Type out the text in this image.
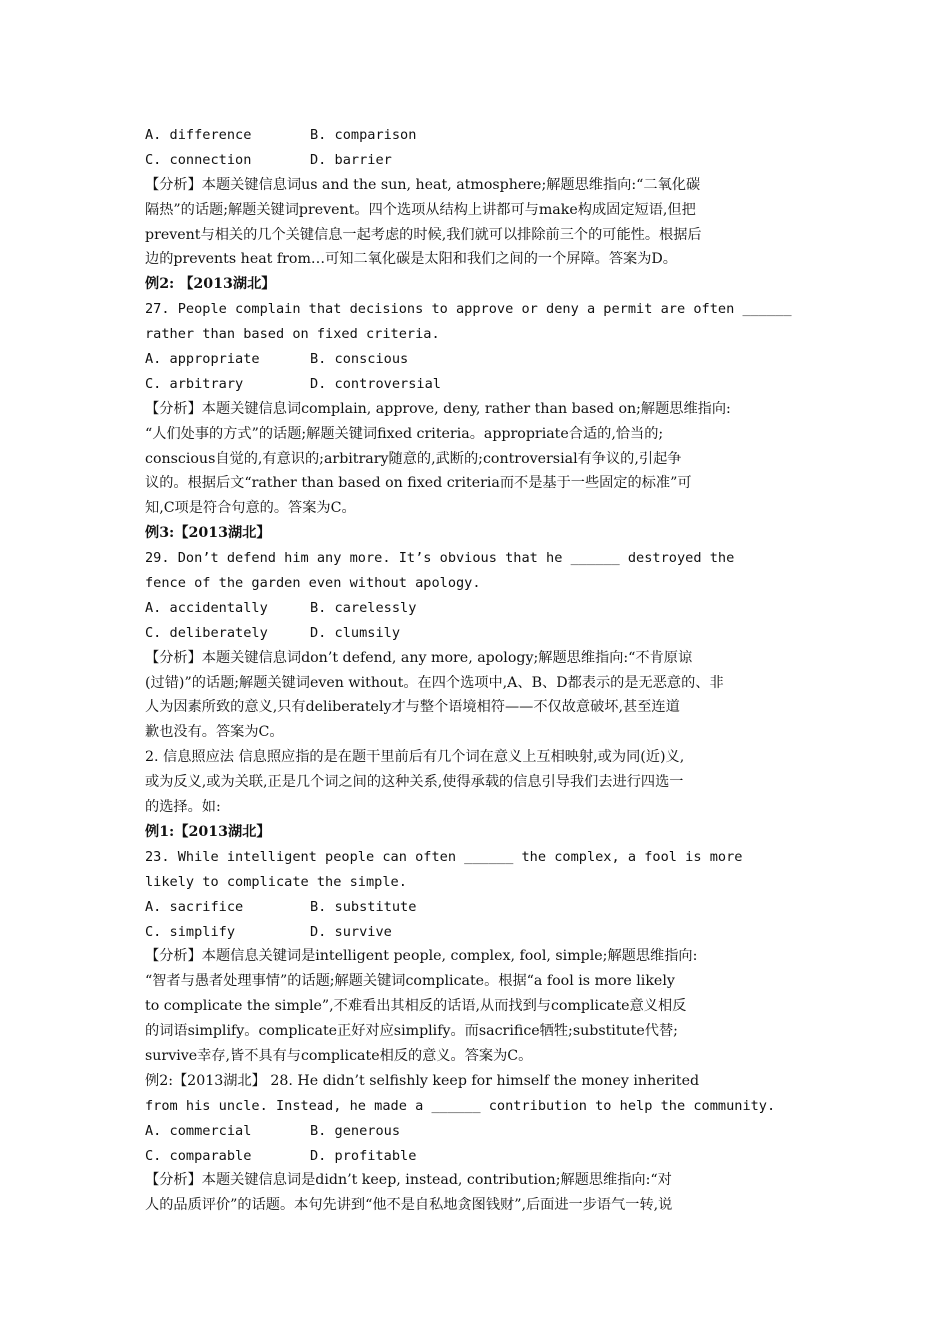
A. difference	B. comparison
C. connection	D. barrier
【分析】本题关键信息词us and the sun, heat, atmosphere;解题思维指向:“二氧化碳
隔热”的话题;解题关键词prevent。四个选项从结构上讲都可与make构成固定短语,但把
prevent与相关的几个关键信息一起考虑的时候,我们就可以排除前三个的可能性。根据后
边的prevents heat from…可知二氧化碳是太阳和我们之间的一个屏障。答案为D。
例2: 【2013湖北】
27. People complain that decisions to approve or deny a permit are often ______
rather than based on fixed criteria.
A. appropriate	B. conscious
C. arbitrary	D. controversial
【分析】本题关键信息词complain, approve, deny, rather than based on;解题思维指向:
“人们处事的方式”的话题;解题关键词fixed criteria。appropriate合适的,恰当的;
conscious自觉的,有意识的;arbitrary随意的,武断的;controversial有争议的,引起争
议的。根据后文“rather than based on fixed criteria而不是基于一些固定的标准”可
知,C项是符合句意的。答案为C。
例3:【2013湖北】
29. Don’t defend him any more. It’s obvious that he ______ destroyed the
fence of the garden even without apology.
A. accidentally	B. carelessly
C. deliberately	D. clumsily
【分析】本题关键信息词don’t defend, any more, apology;解题思维指向:“不肯原谅
(过错)”的话题;解题关键词even without。在四个选项中,A、B、D都表示的是无恶意的、非
人为因素所致的意义,只有deliberately才与整个语境相符——不仅故意破坏,甚至连道
歉也没有。答案为C。
2. 信息照应法 信息照应指的是在题干里前后有几个词在意义上互相映射,或为同(近)义,
或为反义,或为关联,正是几个词之间的这种关系,使得承载的信息引导我们去进行四选一
的选择。如:
例1:【2013湖北】
23. While intelligent people can often ______ the complex, a fool is more
likely to complicate the simple.
A. sacrifice	B. substitute
C. simplify	D. survive
【分析】本题信息关键词是intelligent people, complex, fool, simple;解题思维指向:
“智者与愚者处理事情”的话题;解题关键词complicate。根据“a fool is more likely
to complicate the simple”,不难看出其相反的话语,从而找到与complicate意义相反
的词语simplify。complicate正好对应simplify。而sacrifice牺牲;substitute代替;
survive幸存,皆不具有与complicate相反的意义。答案为C。
例2:【2013湖北】 28. He didn’t selfishly keep for himself the money inherited
from his uncle. Instead, he made a ______ contribution to help the community.
A. commercial	B. generous
C. comparable	D. profitable
【分析】本题关键信息词是didn’t keep, instead, contribution;解题思维指向:“对
人的品质评价”的话题。本句先讲到“他不是自私地贪图钱财”,后面进一步语气一转,说
